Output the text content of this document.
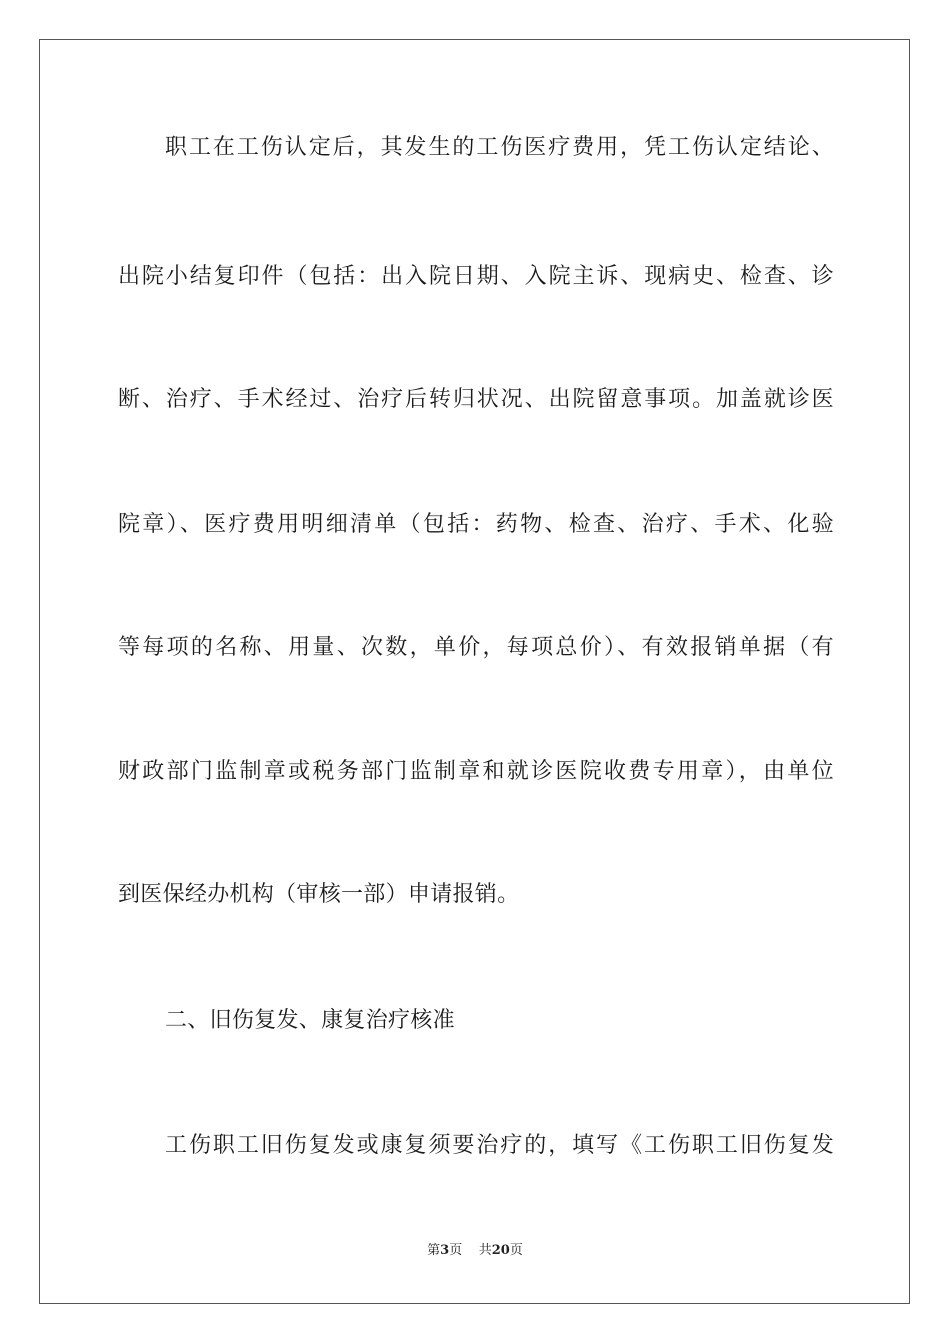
职工在工伤认定后，其发生的工伤医疗费用，凭工伤认定结论、
出院小结复印件（包括：出入院日期、入院主诉、现病史、检查、诊
断、治疗、手术经过、治疗后转归状况、出院留意事项。加盖就诊医
院章）、医疗费用明细清单（包括：药物、检查、治疗、手术、化验
等每项的名称、用量、次数，单价，每项总价）、有效报销单据（有
财政部门监制章或税务部门监制章和就诊医院收费专用章），由单位
到医保经办机构（审核一部）申请报销。
二、旧伤复发、康复治疗核准
工伤职工旧伤复发或康复须要治疗的，填写《工伤职工旧伤复发
第3页 共20页
